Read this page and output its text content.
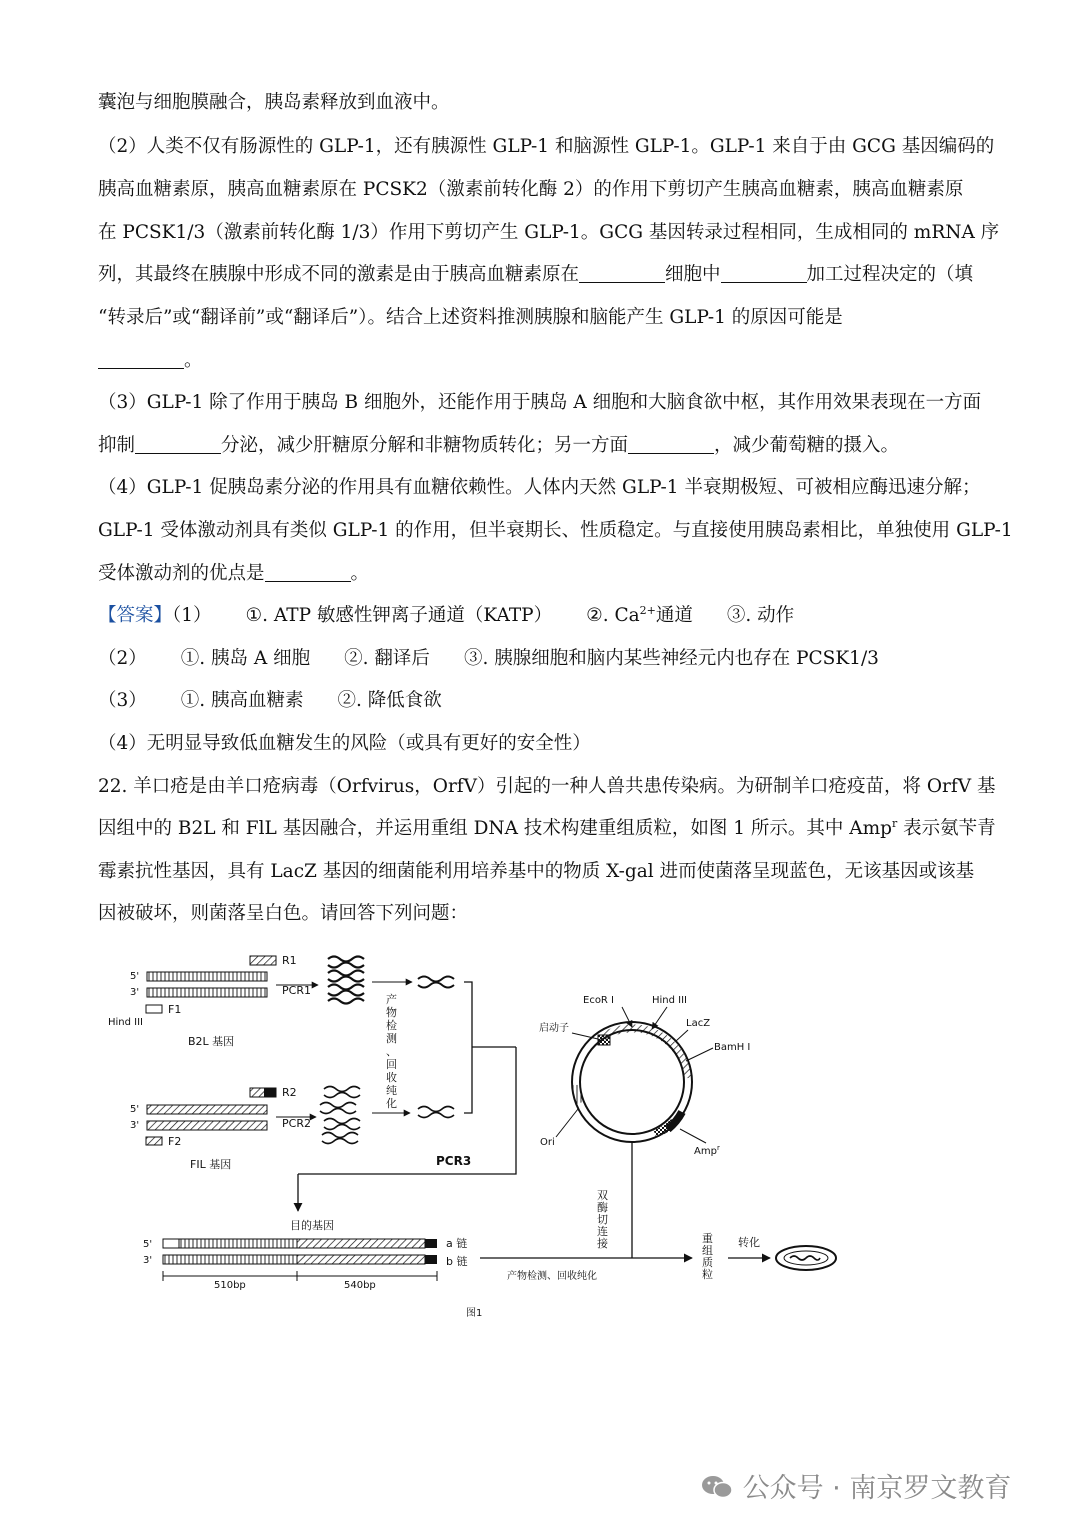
囊泡与细胞膜融合，胰岛素释放到血液中。
（2）人类不仅有肠源性的 GLP-1，还有胰源性 GLP-1 和脑源性 GLP-1。GLP-1 来自于由 GCG 基因编码的
胰高血糖素原，胰高血糖素原在 PCSK2（激素前转化酶 2）的作用下剪切产生胰高血糖素，胰高血糖素原
在 PCSK1/3（激素前转化酶 1/3）作用下剪切产生 GLP-1。GCG 基因转录过程相同，生成相同的 mRNA 序
列，其最终在胰腺中形成不同的激素是由于胰高血糖素原在	细胞中	加工过程决定的（填
“转录后”或“翻译前”或“翻译后”）。结合上述资料推测胰腺和脑能产生 GLP-1 的原因可能是
。
（3）GLP-1 除了作用于胰岛 B 细胞外，还能作用于胰岛 A 细胞和大脑食欲中枢，其作用效果表现在一方面
抑制	分泌，减少肝糖原分解和非糖物质转化；另一方面	，减少葡萄糖的摄入。
（4）GLP-1 促胰岛素分泌的作用具有血糖依赖性。人体内天然 GLP-1 半衰期极短、可被相应酶迅速分解；
GLP-1 受体激动剂具有类似 GLP-1 的作用，但半衰期长、性质稳定。与直接使用胰岛素相比，单独使用 GLP-1
受体激动剂的优点是	。
【答案】（1） ①. ATP 敏感性钾离子通道（KATP） ②. $Ca^{2+}$通道 ③. 动作
（2） ①. 胰岛 A 细胞 ②. 翻译后 ③. 胰腺细胞和脑内某些神经元内也存在 PCSK1/3
（3） ①. 胰高血糖素 ②. 降低食欲
（4）无明显导致低血糖发生的风险（或具有更好的安全性）
22. 羊口疮是由羊口疮病毒（Orfvirus，OrfV）引起的一种人兽共患传染病。为研制羊口疮疫苗，将 OrfV 基
因组中的 B2L 和 FlL 基因融合，并运用重组 DNA 技术构建重组质粒，如图 1 所示。其中 Amp$^r$ 表示氨苄青
霉素抗性基因，具有 LacZ 基因的细菌能利用培养基中的物质 X-gal 进而使菌落呈现蓝色，无该基因或该基
因被破坏，则菌落呈白色。请回答下列问题：
R1
5'
3'	PCR1
F1
Hind III
B2L 基因
产
物
检
测
、
回
收
纯
化
R2
5'
3'	PCR2
F2
FIL 基因	PCR3
EcoR I	Hind III
启动子	LacZ
BamH I
Ori
Amp$^r$
双
酶
切
连
接
目的基因
5'
3'
a 链
b 链
510bp	540bp
产物检测、回收纯化
重
组
质
粒
转化
图1
公众号 · 南京罗文教育
